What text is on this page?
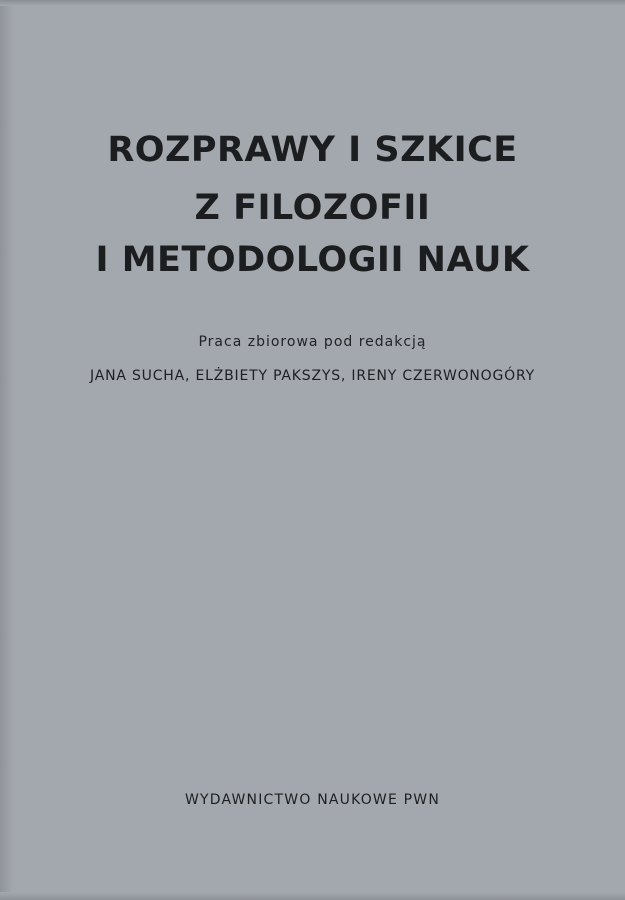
ROZPRAWY I SZKICE
Z FILOZOFII
I METODOLOGII NAUK
Praca zbiorowa pod redakcją
JANA SUCHA, ELŻBIETY PAKSZYS, IRENY CZERWONOGÓRY
WYDAWNICTWO NAUKOWE PWN
